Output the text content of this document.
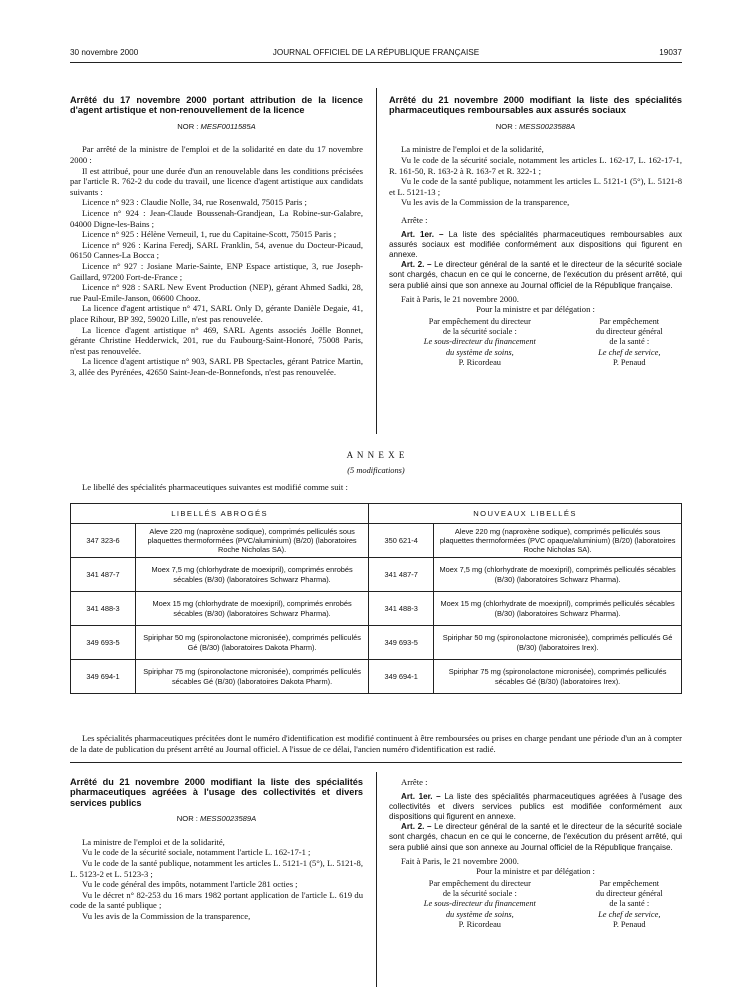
30 novembre 2000	JOURNAL OFFICIEL DE LA RÉPUBLIQUE FRANÇAISE	19037

Arrêté du 17 novembre 2000 portant attribution de la licence d'agent artistique et non-renouvellement de la licence

NOR : MESF0011585A

Par arrêté de la ministre de l'emploi et de la solidarité en date du 17 novembre 2000 :

Il est attribué, pour une durée d'un an renouvelable dans les conditions précisées par l'article R. 762-2 du code du travail, une licence d'agent artistique aux candidats suivants :

Licence n° 923 : Claudie Nolle, 34, rue Rosenwald, 75015 Paris ;

Licence n° 924 : Jean-Claude Boussenah-Grandjean, La Robine-sur-Galabre, 04000 Digne-les-Bains ;

Licence n° 925 : Hélène Verneuil, 1, rue du Capitaine-Scott, 75015 Paris ;

Licence n° 926 : Karina Feredj, SARL Franklin, 54, avenue du Docteur-Picaud, 06150 Cannes-La Bocca ;

Licence n° 927 : Josiane Marie-Sainte, ENP Espace artistique, 3, rue Joseph-Gaillard, 97200 Fort-de-France ;

Licence n° 928 : SARL New Event Production (NEP), gérant Ahmed Sadki, 28, rue Paul-Emile-Janson, 06600 Chooz.

La licence d'agent artistique n° 471, SARL Only D, gérante Danièle Degaie, 41, place Rihour, BP 392, 59020 Lille, n'est pas renouvelée.

La licence d'agent artistique n° 469, SARL Agents associés Joëlle Bonnet, gérante Christine Hedderwick, 201, rue du Faubourg-Saint-Honoré, 75008 Paris, n'est pas renouvelée.

La licence d'agent artistique n° 903, SARL PB Spectacles, gérant Patrice Martin, 3, allée des Pyrénées, 42650 Saint-Jean-de-Bonnefonds, n'est pas renouvelée.

Arrêté du 21 novembre 2000 modifiant la liste des spécialités pharmaceutiques remboursables aux assurés sociaux

NOR : MESS0023588A

La ministre de l'emploi et de la solidarité,

Vu le code de la sécurité sociale, notamment les articles L. 162-17, L. 162-17-1, R. 161-50, R. 163-2 à R. 163-7 et R. 322-1 ;

Vu le code de la santé publique, notamment les articles L. 5121-1 (5°), L. 5121-8 et L. 5121-13 ;

Vu les avis de la Commission de la transparence,

Arrête :

Art. 1er. – La liste des spécialités pharmaceutiques remboursables aux assurés sociaux est modifiée conformément aux dispositions qui figurent en annexe.

Art. 2. – Le directeur général de la santé et le directeur de la sécurité sociale sont chargés, chacun en ce qui le concerne, de l'exécution du présent arrêté, qui sera publié ainsi que son annexe au Journal officiel de la République française.

Fait à Paris, le 21 novembre 2000.

Pour la ministre et par délégation :

Par empêchement du directeur
de la sécurité sociale :
Le sous-directeur du financement
du système de soins,
P. Ricordeau
Par empêchement
du directeur général
de la santé :
Le chef de service,
P. Penaud
A N N E X E
(5 modifications)
Le libellé des spécialités pharmaceutiques suivantes est modifié comme suit :
LIBELLÉS ABROGÉS		NOUVEAUX LIBELLÉS	
347 323-6	Aleve 220 mg (naproxène sodique), comprimés pelliculés sous plaquettes thermoformées (PVC/aluminium) (B/20) (laboratoires Roche Nicholas SA).	350 621-4	Aleve 220 mg (naproxène sodique), comprimés pelliculés sous plaquettes thermoformées (PVC opaque/aluminium) (B/20) (laboratoires Roche Nicholas SA).
341 487-7	Moex 7,5 mg (chlorhydrate de moexipril), comprimés enrobés sécables (B/30) (laboratoires Schwarz Pharma).	341 487-7	Moex 7,5 mg (chlorhydrate de moexipril), comprimés pelliculés sécables (B/30) (laboratoires Schwarz Pharma).
341 488-3	Moex 15 mg (chlorhydrate de moexipril), comprimés enrobés sécables (B/30) (laboratoires Schwarz Pharma).	341 488-3	Moex 15 mg (chlorhydrate de moexipril), comprimés pelliculés sécables (B/30) (laboratoires Schwarz Pharma).
349 693-5	Spiriphar 50 mg (spironolactone micronisée), comprimés pelliculés Gé (B/30) (laboratoires Dakota Pharm).	349 693-5	Spiriphar 50 mg (spironolactone micronisée), comprimés pelliculés Gé (B/30) (laboratoires Irex).
349 694-1	Spiriphar 75 mg (spironolactone micronisée), comprimés pelliculés sécables Gé (B/30) (laboratoires Dakota Pharm).	349 694-1	Spiriphar 75 mg (spironolactone micronisée), comprimés pelliculés sécables Gé (B/30) (laboratoires Irex).
Les spécialités pharmaceutiques précitées dont le numéro d'identification est modifié continuent à être remboursées ou prises en charge pendant une période d'un an à compter de la date de publication du présent arrêté au Journal officiel. A l'issue de ce délai, l'ancien numéro d'identification est radié.

Arrêté du 21 novembre 2000 modifiant la liste des spécialités pharmaceutiques agréées à l'usage des collectivités et divers services publics

NOR : MESS0023589A

La ministre de l'emploi et de la solidarité,

Vu le code de la sécurité sociale, notamment l'article L. 162-17-1 ;

Vu le code de la santé publique, notamment les articles L. 5121-1 (5°), L. 5121-8, L. 5123-2 et L. 5123-3 ;

Vu le code général des impôts, notamment l'article 281 octies ;

Vu le décret n° 82-253 du 16 mars 1982 portant application de l'article L. 619 du code de la santé publique ;

Vu les avis de la Commission de la transparence,

Arrête :

Art. 1er. – La liste des spécialités pharmaceutiques agréées à l'usage des collectivités et divers services publics est modifiée conformément aux dispositions qui figurent en annexe.

Art. 2. – Le directeur général de la santé et le directeur de la sécurité sociale sont chargés, chacun en ce qui le concerne, de l'exécution du présent arrêté, qui sera publié ainsi que son annexe au Journal officiel de la République française.

Fait à Paris, le 21 novembre 2000.

Pour la ministre et par délégation :

Par empêchement du directeur
de la sécurité sociale :
Le sous-directeur du financement
du système de soins,
P. Ricordeau
Par empêchement
du directeur général
de la santé :
Le chef de service,
P. Penaud
